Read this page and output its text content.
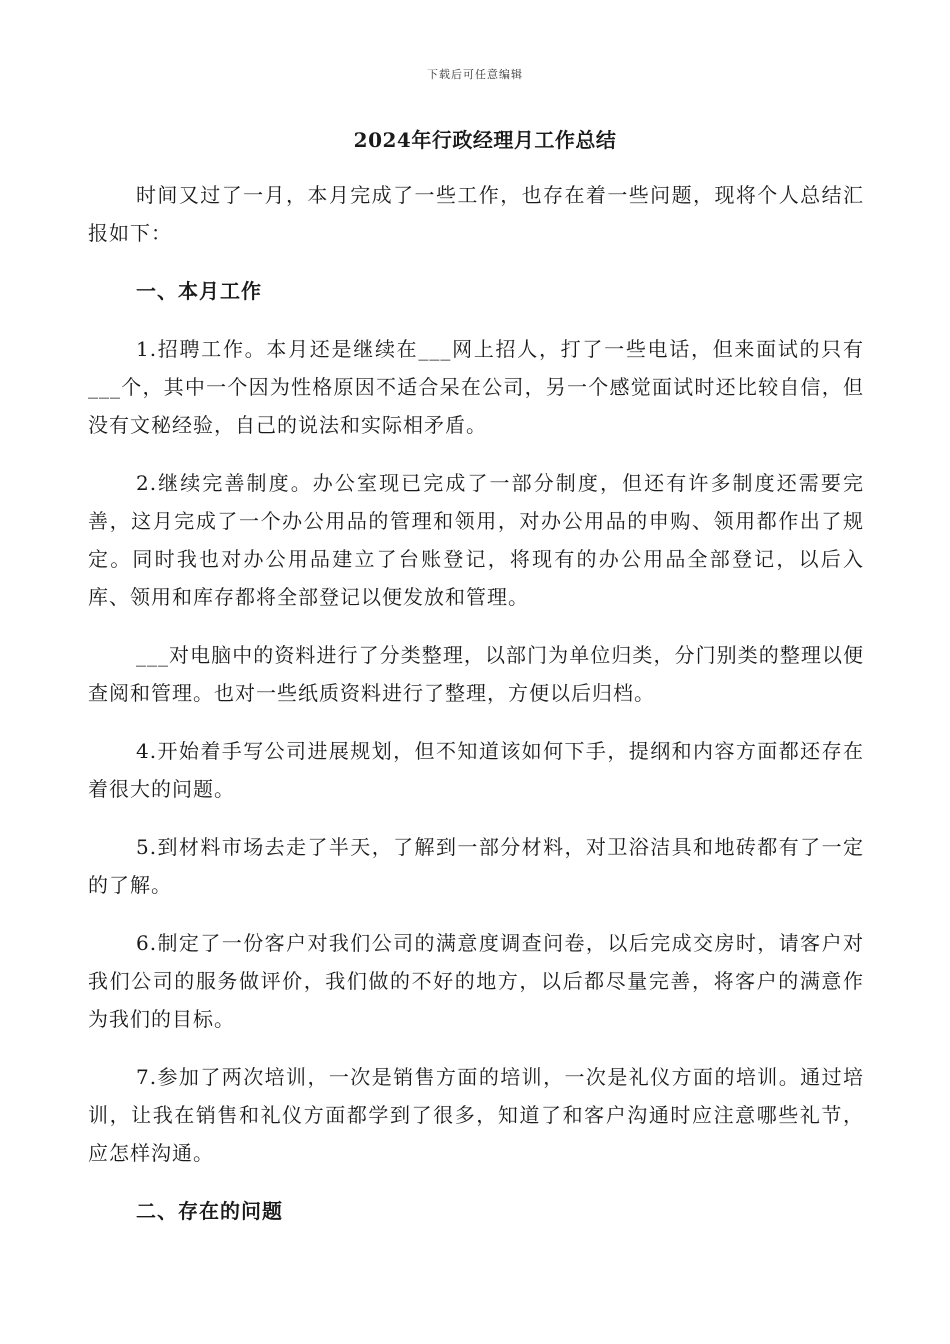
下载后可任意编辑
2024年行政经理月工作总结

时间又过了一月，本月完成了一些工作，也存在着一些问题，现将个人总结汇报如下：

一、本月工作

1.招聘工作。本月还是继续在___网上招人，打了一些电话，但来面试的只有___个，其中一个因为性格原因不适合呆在公司，另一个感觉面试时还比较自信，但没有文秘经验，自己的说法和实际相矛盾。

2.继续完善制度。办公室现已完成了一部分制度，但还有许多制度还需要完善，这月完成了一个办公用品的管理和领用，对办公用品的申购、领用都作出了规定。同时我也对办公用品建立了台账登记，将现有的办公用品全部登记，以后入库、领用和库存都将全部登记以便发放和管理。

___对电脑中的资料进行了分类整理，以部门为单位归类，分门别类的整理以便查阅和管理。也对一些纸质资料进行了整理，方便以后归档。

4.开始着手写公司进展规划，但不知道该如何下手，提纲和内容方面都还存在着很大的问题。

5.到材料市场去走了半天，了解到一部分材料，对卫浴洁具和地砖都有了一定的了解。

6.制定了一份客户对我们公司的满意度调查问卷，以后完成交房时，请客户对我们公司的服务做评价，我们做的不好的地方，以后都尽量完善，将客户的满意作为我们的目标。

7.参加了两次培训，一次是销售方面的培训，一次是礼仪方面的培训。通过培训，让我在销售和礼仪方面都学到了很多，知道了和客户沟通时应注意哪些礼节，应怎样沟通。

二、存在的问题
